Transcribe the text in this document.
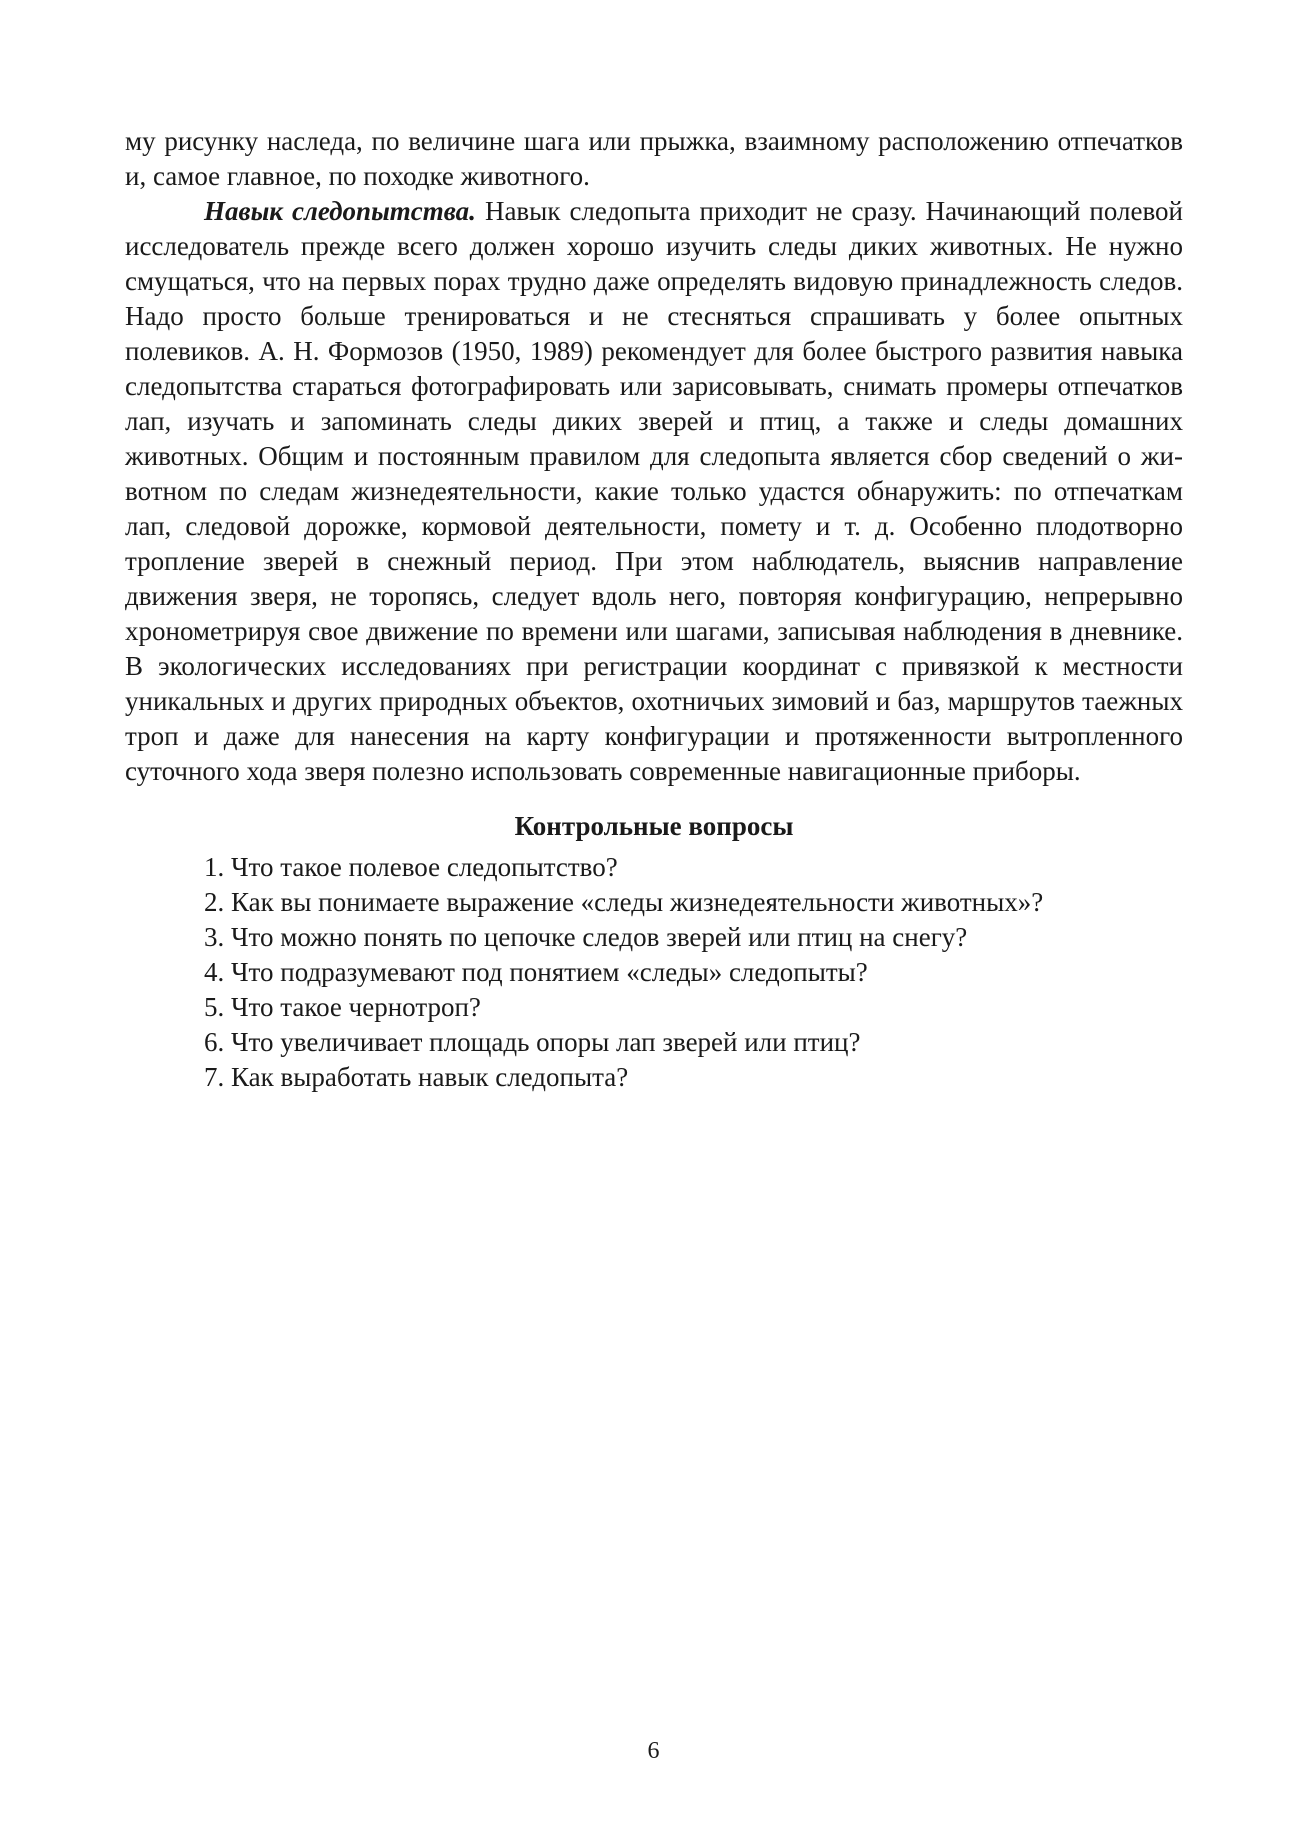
му рисунку наследа, по величине шага или прыжка, взаимному расположению отпечатков и, самое главное, по походке животного.

Навык следопытства. Навык следопыта приходит не сразу. Начинающий полевой исследователь прежде всего должен хорошо изучить следы диких животных. Не нужно смущаться, что на первых порах трудно даже определять видовую принадлежность следов. Надо просто больше тренироваться и не стесняться спрашивать у более опытных полевиков. А. Н. Формозов (1950, 1989) рекомендует для более быстрого развития навыка следопытства стараться фотографировать или зарисовывать, снимать промеры отпечатков лап, изучать и запоминать следы диких зверей и птиц, а также и следы домашних животных. Общим и постоянным правилом для следопыта является сбор сведений о животном по следам жизнедеятельности, какие только удастся обнаружить: по отпечаткам лап, следовой дорожке, кормовой деятельности, помету и т. д. Особенно плодотворно тропление зверей в снежный период. При этом наблюдатель, выяснив направление движения зверя, не торопясь, следует вдоль него, повторяя конфигурацию, непрерывно хронометрируя свое движение по времени или шагами, записывая наблюдения в дневнике. В экологических исследованиях при регистрации координат с привязкой к местности уникальных и других природных объектов, охотничьих зимовий и баз, маршрутов таежных троп и даже для нанесения на карту конфигурации и протяженности вытропленного суточного хода зверя полезно использовать современные навигационные приборы.

Контрольные вопросы
1. Что такое полевое следопытство?
2. Как вы понимаете выражение «следы жизнедеятельности животных»?
3. Что можно понять по цепочке следов зверей или птиц на снегу?
4. Что подразумевают под понятием «следы» следопыты?
5. Что такое чернотроп?
6. Что увеличивает площадь опоры лап зверей или птиц?
7. Как выработать навык следопыта?
6
